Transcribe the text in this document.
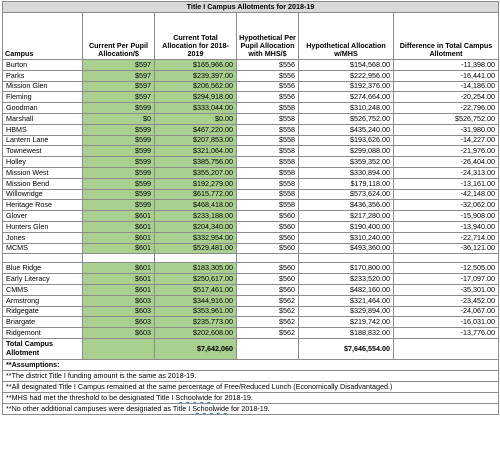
Title I Campus Allotments for 2018-19					
Campus	Current Per Pupil Allocation/$	Current Total Allocation for 2018-2019	Hypothetical Per Pupil Allocation with MHS/$	Hypothetical Allocation w/MHS	Difference in Total Campus Allotment
Burton	$597	$165,966.00	$556	$154,568.00	-11,398.00
Parks	$597	$239,397.00	$556	$222,956.00	-16,441.00
Mission Glen	$597	$206,562.00	$556	$192,376.00	-14,186.00
Fleming	$597	$294,918.00	$556	$274,664.00	-20,254.00
Goodman	$599	$333,044.00	$558	$310,248.00	-22,796.00
Marshall	$0	$0.00	$558	$526,752.00	$526,752.00
HBMS	$599	$467,220.00	$558	$435,240.00	-31,980.00
Lantern Lane	$599	$207,853.00	$558	$193,626.00	-14,227.00
Townewest	$599	$321,064.00	$558	$299,088.00	-21,976.00
Holley	$599	$385,756.00	$558	$359,352.00	-26,404.00
Mission West	$599	$355,207.00	$558	$330,894.00	-24,313.00
Mission Bend	$599	$192,279.00	$558	$179,118.00	-13,161.00
Willowridge	$599	$615,772.00	$558	$573,624.00	-42,148.00
Heritage Rose	$599	$468,418.00	$558	$436,356.00	-32,062.00
Glover	$601	$233,188.00	$560	$217,280.00	-15,908.00
Hunters Glen	$601	$204,340.00	$560	$190,400.00	-13,940.00
Jones	$601	$332,954.00	$560	$310,240.00	-22,714.00
MCMS	$601	$529,481.00	$560	$493,360.00	-36,121.00

Blue Ridge	$601	$183,305.00	$560	$170,800.00	-12,505.00
Early Literacy	$601	$250,617.00	$560	$233,520.00	-17,097.00
CMMS	$601	$517,461.00	$560	$482,160.00	-35,301.00
Armstrong	$603	$344,916.00	$562	$321,464.00	-23,452.00
Ridgegate	$603	$353,961.00	$562	$329,894.00	-24,067.00
Briargate	$603	$235,773.00	$562	$219,742.00	-16,031.00
Ridgemont	$603	$202,608.00	$562	$188,832.00	-13,776.00
Total Campus Allotment		$7,642,060		$7,646,554.00	
**Assumptions:					
**The district Title I funding amount is the same as 2018-19.					
**All designated Title I Campus remained at the same percentage of Free/Reduced Lunch (Economically Disadvantaged.)					
**MHS had met the threshold to be designated Title I Schoolwide for 2018-19.					
**No other additional campuses were designated as Title I Schoolwide for 2018-19.					
